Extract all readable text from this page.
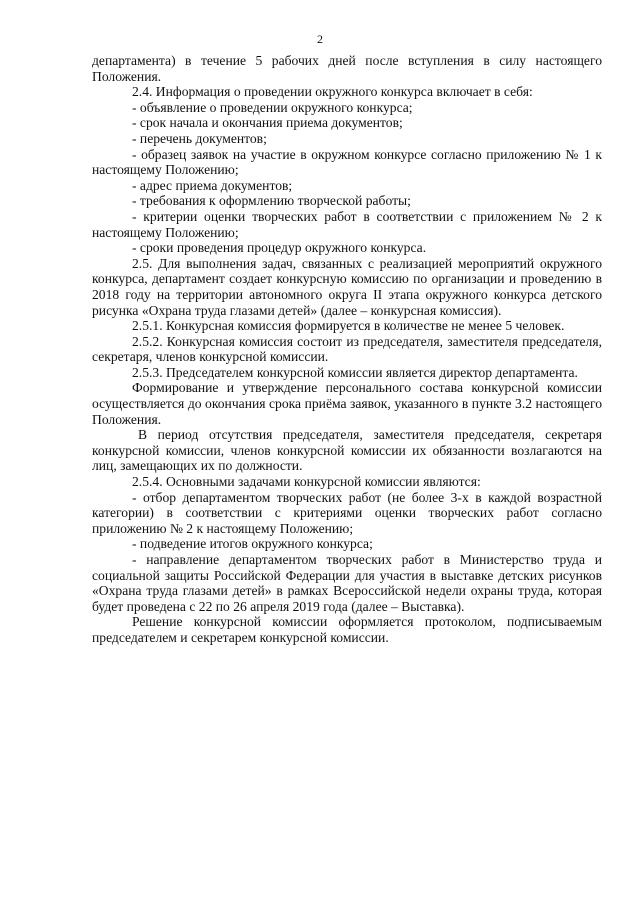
2

департамента) в течение 5 рабочих дней после вступления в силу настоящего Положения.

2.4. Информация о проведении окружного конкурса включает в себя:

- объявление о проведении окружного конкурса;

- срок начала и окончания приема документов;

- перечень документов;

- образец заявок на участие в окружном конкурсе согласно приложению № 1 к настоящему Положению;

- адрес приема документов;

- требования к оформлению творческой работы;

- критерии оценки творческих работ в соответствии с приложением № 2 к настоящему Положению;

- сроки проведения процедур окружного конкурса.

2.5. Для выполнения задач, связанных с реализацией мероприятий окружного конкурса, департамент создает конкурсную комиссию по организации и проведению в 2018 году на территории автономного округа II этапа окружного конкурса детского рисунка «Охрана труда глазами детей» (далее – конкурсная комиссия).

2.5.1. Конкурсная комиссия формируется в количестве не менее 5 человек.

2.5.2. Конкурсная комиссия состоит из председателя, заместителя председателя, секретаря, членов конкурсной комиссии.

2.5.3. Председателем конкурсной комиссии является директор департамента.

Формирование и утверждение персонального состава конкурсной комиссии осуществляется до окончания срока приёма заявок, указанного в пункте 3.2 настоящего Положения.

В период отсутствия председателя, заместителя председателя, секретаря конкурсной комиссии, членов конкурсной комиссии их обязанности возлагаются на лиц, замещающих их по должности.

2.5.4. Основными задачами конкурсной комиссии являются:

- отбор департаментом творческих работ (не более 3-х в каждой возрастной категории) в соответствии с критериями оценки творческих работ согласно приложению № 2 к настоящему Положению;

- подведение итогов окружного конкурса;

- направление департаментом творческих работ в Министерство труда и социальной защиты Российской Федерации для участия в выставке детских рисунков «Охрана труда глазами детей» в рамках Всероссийской недели охраны труда, которая будет проведена с 22 по 26 апреля 2019 года (далее – Выставка).

Решение конкурсной комиссии оформляется протоколом, подписываемым председателем и секретарем конкурсной комиссии.
